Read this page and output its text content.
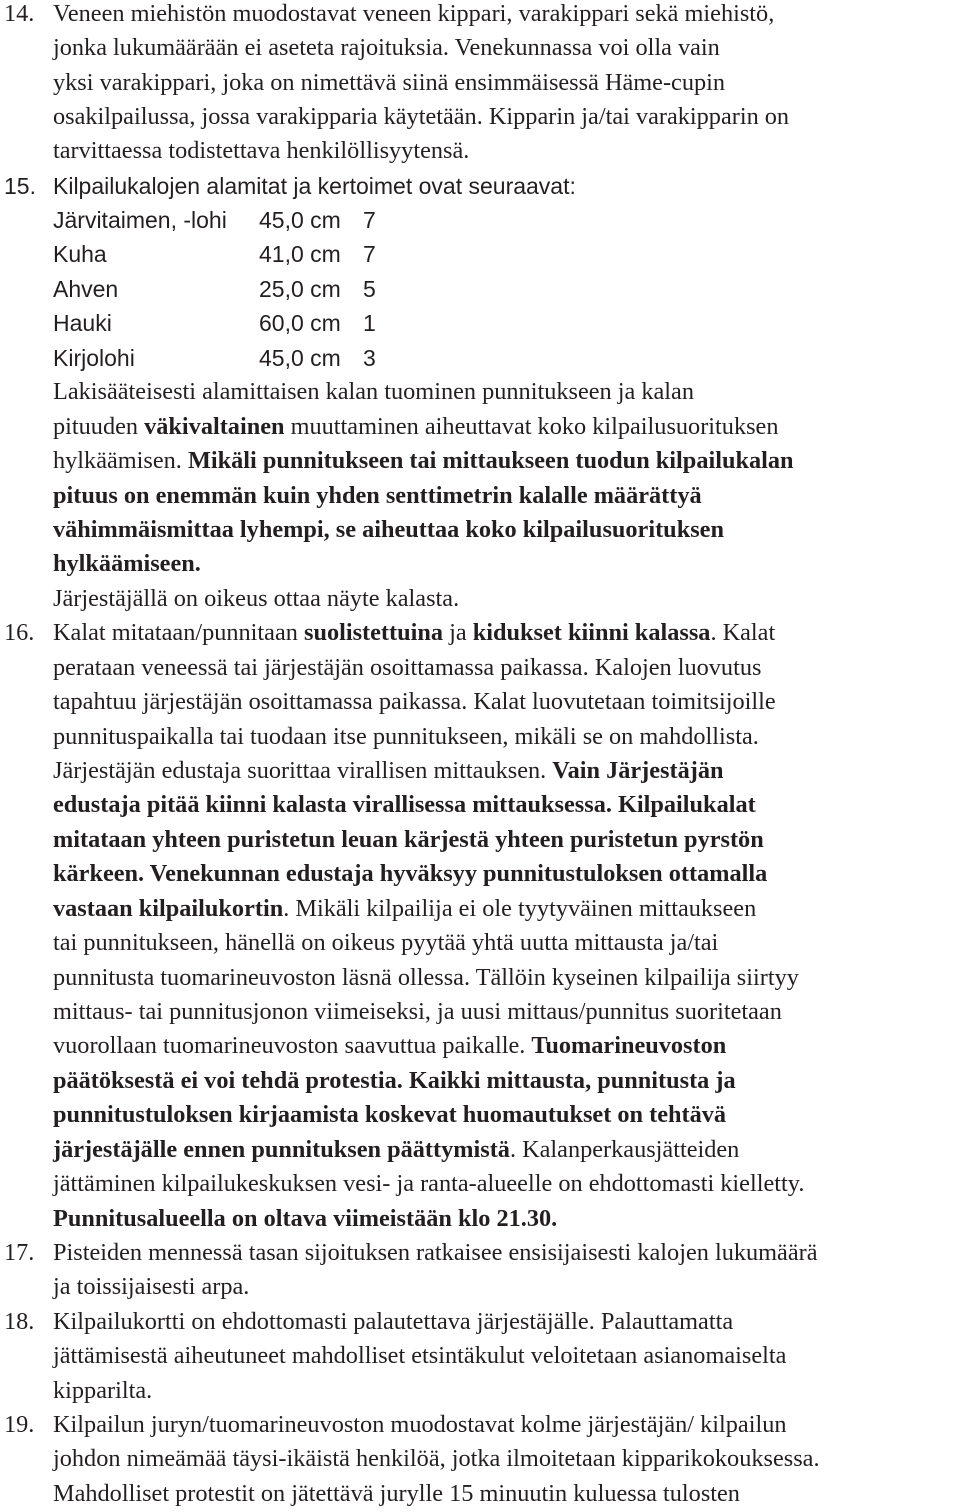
14. Veneen miehistön muodostavat veneen kippari, varakippari sekä miehistö,
jonka lukumäärään ei aseteta rajoituksia. Venekunnassa voi olla vain
yksi varakippari, joka on nimettävä siinä ensimmäisessä Häme-cupin
osakilpailussa, jossa varakipparia käytetään. Kipparin ja/tai varakipparin on
tarvittaessa todistettava henkilöllisyytensä.
15. Kilpailukalojen alamitat ja kertoimet ovat seuraavat:
Järvitaimen, -lohi 45,0 cm 7
Kuha	41,0 cm 7
Ahven	25,0 cm 5
Hauki	60,0 cm 1
Kirjolohi	45,0 cm 3
Lakisääteisesti alamittaisen kalan tuominen punnitukseen ja kalan
pituuden väkivaltainen muuttaminen aiheuttavat koko kilpailusuorituksen
hylkäämisen. Mikäli punnitukseen tai mittaukseen tuodun kilpailukalan
pituus on enemmän kuin yhden senttimetrin kalalle määrättyä
vähimmäismittaa lyhempi, se aiheuttaa koko kilpailusuorituksen
hylkäämiseen.
Järjestäjällä on oikeus ottaa näyte kalasta.
16. Kalat mitataan/punnitaan suolistettuina ja kidukset kiinni kalassa. Kalat
perataan veneessä tai järjestäjän osoittamassa paikassa. Kalojen luovutus
tapahtuu järjestäjän osoittamassa paikassa. Kalat luovutetaan toimitsijoille
punnituspaikalla tai tuodaan itse punnitukseen, mikäli se on mahdollista.
Järjestäjän edustaja suorittaa virallisen mittauksen. Vain Järjestäjän
edustaja pitää kiinni kalasta virallisessa mittauksessa. Kilpailukalat
mitataan yhteen puristetun leuan kärjestä yhteen puristetun pyrstön
kärkeen. Venekunnan edustaja hyväksyy punnitustuloksen ottamalla
vastaan kilpailukortin. Mikäli kilpailija ei ole tyytyväinen mittaukseen
tai punnitukseen, hänellä on oikeus pyytää yhtä uutta mittausta ja/tai
punnitusta tuomarineuvoston läsnä ollessa. Tällöin kyseinen kilpailija siirtyy
mittaus- tai punnitusjonon viimeiseksi, ja uusi mittaus/punnitus suoritetaan
vuorollaan tuomarineuvoston saavuttua paikalle. Tuomarineuvoston
päätöksestä ei voi tehdä protestia. Kaikki mittausta, punnitusta ja
punnitustuloksen kirjaamista koskevat huomautukset on tehtävä
järjestäjälle ennen punnituksen päättymistä. Kalanperkausjätteiden
jättäminen kilpailukeskuksen vesi- ja ranta-alueelle on ehdottomasti kielletty.
Punnitusalueella on oltava viimeistään klo 21.30.
17. Pisteiden mennessä tasan sijoituksen ratkaisee ensisijaisesti kalojen lukumäärä
ja toissijaisesti arpa.
18. Kilpailukortti on ehdottomasti palautettava järjestäjälle. Palauttamatta
jättämisestä aiheutuneet mahdolliset etsintäkulut veloitetaan asianomaiselta
kipparilta.
19. Kilpailun juryn/tuomarineuvoston muodostavat kolme järjestäjän/ kilpailun
johdon nimeämää täysi-ikäistä henkilöä, jotka ilmoitetaan kipparikokouksessa.
Mahdolliset protestit on jätettävä jurylle 15 minuutin kuluessa tulosten
